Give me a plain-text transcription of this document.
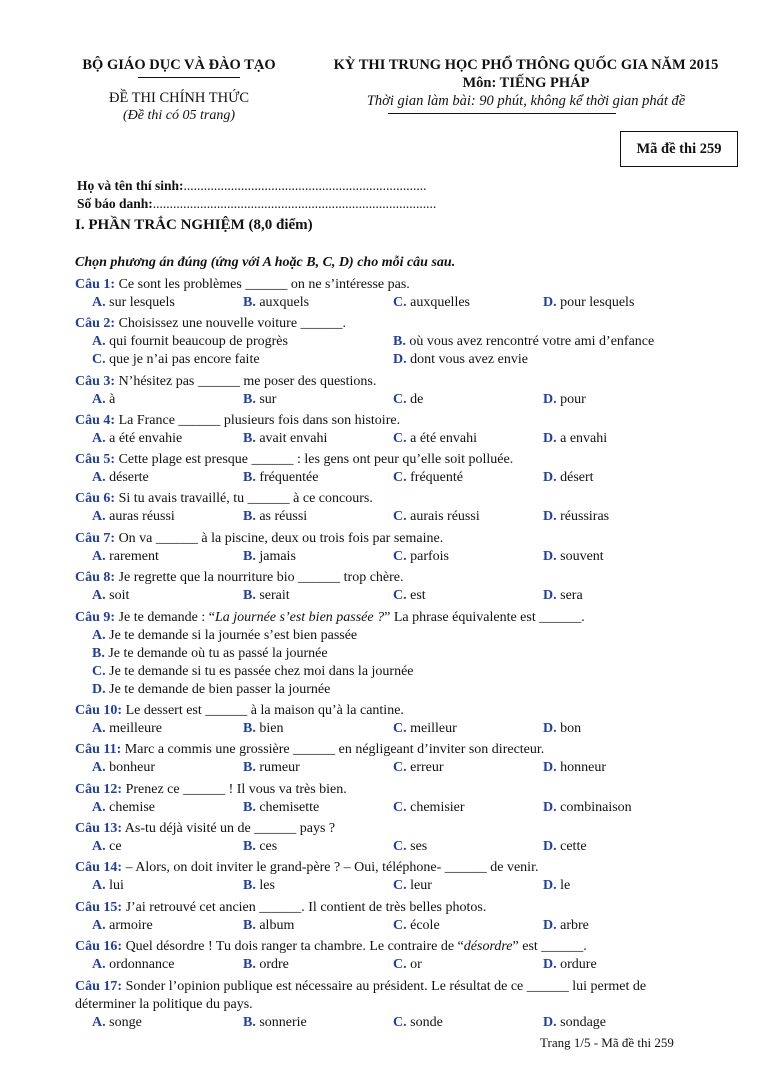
BỘ GIÁO DỤC VÀ ĐÀO TẠO
ĐỀ THI CHÍNH THỨC
(Đề thi có 05 trang)
KỲ THI TRUNG HỌC PHỔ THÔNG QUỐC GIA NĂM 2015
Môn: TIẾNG PHÁP
Thời gian làm bài: 90 phút, không kể thời gian phát đề
Mã đề thi 259
Họ và tên thí sinh:........................................................................
Số báo danh:....................................................................................
I. PHẦN TRẮC NGHIỆM (8,0 điểm)
Chọn phương án đúng (ứng với A hoặc B, C, D) cho mỗi câu sau.
Câu 1: Ce sont les problèmes ______ on ne s’intéresse pas.
A. sur lesquels	B. auxquels	C. auxquelles	D. pour lesquels
Câu 2: Choisissez une nouvelle voiture ______.
A. qui fournit beaucoup de progrès	B. où vous avez rencontré votre ami d’enfance
C. que je n’ai pas encore faite	D. dont vous avez envie
Câu 3: N’hésitez pas ______ me poser des questions.
A. à	B. sur	C. de	D. pour
Câu 4: La France ______ plusieurs fois dans son histoire.
A. a été envahie	B. avait envahi	C. a été envahi	D. a envahi
Câu 5: Cette plage est presque ______ : les gens ont peur qu’elle soit polluée.
A. déserte	B. fréquentée	C. fréquenté	D. désert
Câu 6: Si tu avais travaillé, tu ______ à ce concours.
A. auras réussi	B. as réussi	C. aurais réussi	D. réussiras
Câu 7: On va ______ à la piscine, deux ou trois fois par semaine.
A. rarement	B. jamais	C. parfois	D. souvent
Câu 8: Je regrette que la nourriture bio ______ trop chère.
A. soit	B. serait	C. est	D. sera
Câu 9: Je te demande : “La journée s’est bien passée ?” La phrase équivalente est ______.
A. Je te demande si la journée s’est bien passée
B. Je te demande où tu as passé la journée
C. Je te demande si tu es passée chez moi dans la journée
D. Je te demande de bien passer la journée
Câu 10: Le dessert est ______ à la maison qu’à la cantine.
A. meilleure	B. bien	C. meilleur	D. bon
Câu 11: Marc a commis une grossière ______ en négligeant d’inviter son directeur.
A. bonheur	B. rumeur	C. erreur	D. honneur
Câu 12: Prenez ce ______ ! Il vous va très bien.
A. chemise	B. chemisette	C. chemisier	D. combinaison
Câu 13: As-tu déjà visité un de ______ pays ?
A. ce	B. ces	C. ses	D. cette
Câu 14: – Alors, on doit inviter le grand-père ? – Oui, téléphone- ______ de venir.
A. lui	B. les	C. leur	D. le
Câu 15: J’ai retrouvé cet ancien ______. Il contient de très belles photos.
A. armoire	B. album	C. école	D. arbre
Câu 16: Quel désordre ! Tu dois ranger ta chambre. Le contraire de “désordre” est ______.
A. ordonnance	B. ordre	C. or	D. ordure
Câu 17: Sonder l’opinion publique est nécessaire au président. Le résultat de ce ______ lui permet de
déterminer la politique du pays.
A. songe	B. sonnerie	C. sonde	D. sondage
Trang 1/5 - Mã đề thi 259
